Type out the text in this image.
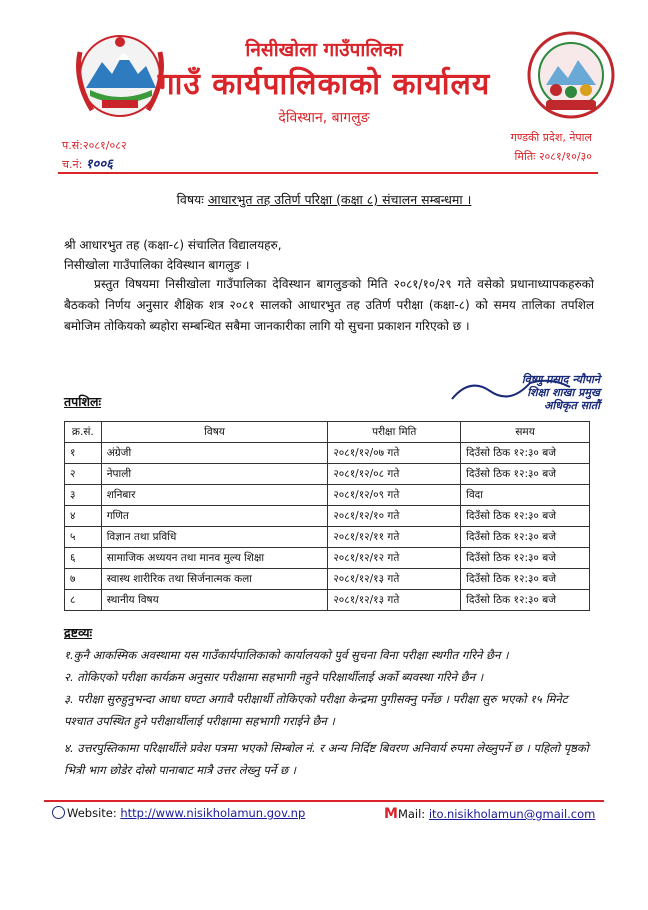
निसीखोला गाउँपालिका
गाउँ कार्यपालिकाको कार्यालय
देविस्थान, बागलुङ
प.सं:२०८१/०८२
च.नं: १००६
गण्डकी प्रदेश, नेपाल
मितिः २०८१/१०/३०
विषयः आधारभुत तह उतिर्ण परिक्षा (कक्षा ८) संचालन सम्बन्धमा ।
श्री आधारभुत तह (कक्षा-८) संचालित विद्यालयहरु,
निसीखोला गाउँपालिका देविस्थान बागलुङ ।
प्रस्तुत विषयमा निसीखोला गाउँपालिका देविस्थान बागलुङको मिति २०८१/१०/२९ गते वसेको प्रधानाध्यापकहरुको बैठकको निर्णय अनुसार शैक्षिक शत्र २०८१ सालको आधारभुत तह उतिर्ण परीक्षा (कक्षा-८) को समय तालिका तपशिल बमोजिम तोकियको ब्यहोरा सम्बन्धित सबैमा जानकारीका लागि यो सुचना प्रकाशन गरिएको छ ।
विष्णु प्रसाद न्यौपाने
शिक्षा शाखा प्रमुख
अधिकृत सातौं
तपशिलः
क्र.सं.	विषय	परीक्षा मिति	समय
१	अंग्रेजी	२०८१/१२/०७ गते	दिउँसो ठिक १२:३० बजे
२	नेपाली	२०८१/१२/०८ गते	दिउँसो ठिक १२:३० बजे
३	शनिबार	२०८१/१२/०९ गते	विदा
४	गणित	२०८१/१२/१० गते	दिउँसो ठिक १२:३० बजे
५	विज्ञान तथा प्रविधि	२०८१/१२/११ गते	दिउँसो ठिक १२:३० बजे
६	सामाजिक अध्ययन तथा मानव मुल्य शिक्षा	२०८१/१२/१२ गते	दिउँसो ठिक १२:३० बजे
७	स्वास्थ शारीरिक तथा सिर्जनात्मक कला	२०८१/१२/१३ गते	दिउँसो ठिक १२:३० बजे
८	स्थानीय विषय	२०८१/१२/१३ गते	दिउँसो ठिक १२:३० बजे
द्रष्टव्यः
१.कुनै आकस्मिक अवस्थामा यस गाउँकार्यपालिकाको कार्यालयको पुर्व सुचना विना परीक्षा स्थगीत गरिने छैन ।
२. तोकिएको परीक्षा कार्यक्रम अनुसार परीक्षामा सहभागी नहुने परिक्षार्थीलाई अर्को ब्यवस्था गरिने छैन ।
३. परीक्षा सुरुहुनुभन्दा आधा घण्टा अगावै परीक्षार्थी तोकिएको परीक्षा केन्द्रमा पुगीसक्नु पर्नेछ । परीक्षा सुरु भएको १५ मिनेट पश्चात उपस्थित हुने परीक्षार्थीलाई परीक्षामा सहभागी गराईने छैन ।
४. उत्तरपुस्तिकामा परिक्षार्थीले प्रवेश पत्रमा भएको सिम्बोल नं. र अन्य निर्दिष्ट बिवरण अनिवार्य रुपमा लेख्नुपर्ने छ । पहिलो पृष्ठको भित्री भाग छोडेर दोस्रो पानाबाट मात्रै उत्तर लेख्नु पर्ने छ ।
Website: http://www.nisikholamun.gov.np	MMail: ito.nisikholamun@gmail.com
